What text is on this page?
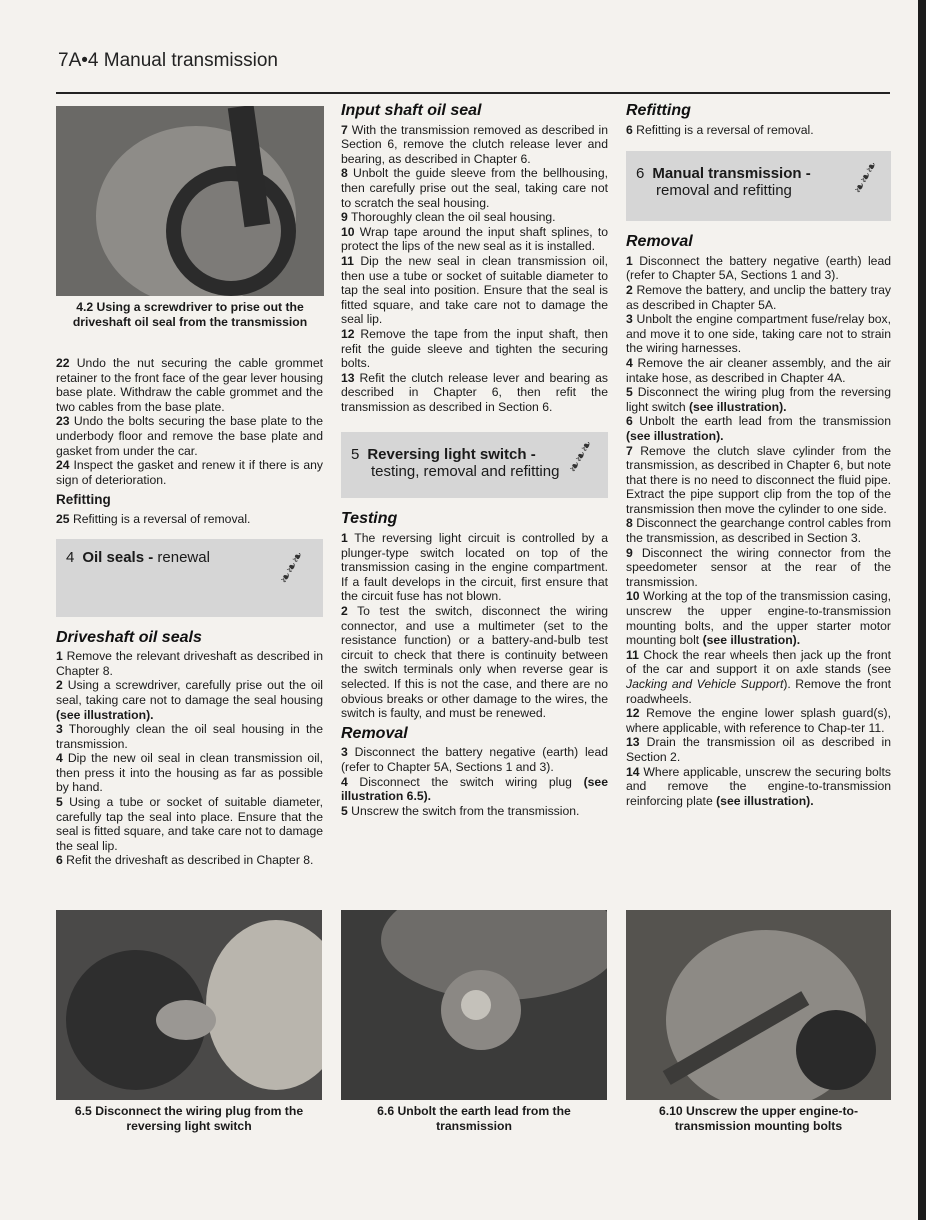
7A•4 Manual transmission
4.2 Using a screwdriver to prise out the driveshaft oil seal from the transmission

22 Undo the nut securing the cable grommet retainer to the front face of the gear lever housing base plate. Withdraw the cable grommet and the two cables from the base plate.

23 Undo the bolts securing the base plate to the underbody floor and remove the base plate and gasket from under the car.

24 Inspect the gasket and renew it if there is any sign of deterioration.

Refitting

25 Refitting is a reversal of removal.

4 Oil seals - renewal	❧❧❧
Driveshaft oil seals

1 Remove the relevant driveshaft as described in Chapter 8.

2 Using a screwdriver, carefully prise out the oil seal, taking care not to damage the seal housing (see illustration).

3 Thoroughly clean the oil seal housing in the transmission.

4 Dip the new oil seal in clean transmission oil, then press it into the housing as far as possible by hand.

5 Using a tube or socket of suitable diameter, carefully tap the seal into place. Ensure that the seal is fitted square, and take care not to damage the seal lip.

6 Refit the driveshaft as described in Chapter 8.

Input shaft oil seal

7 With the transmission removed as described in Section 6, remove the clutch release lever and bearing, as described in Chapter 6.

8 Unbolt the guide sleeve from the bellhousing, then carefully prise out the seal, taking care not to scratch the seal housing.

9 Thoroughly clean the oil seal housing.

10 Wrap tape around the input shaft splines, to protect the lips of the new seal as it is installed.

11 Dip the new seal in clean transmission oil, then use a tube or socket of suitable diameter to tap the seal into position. Ensure that the seal is fitted square, and take care not to damage the seal lip.

12 Remove the tape from the input shaft, then refit the guide sleeve and tighten the securing bolts.

13 Refit the clutch release lever and bearing as described in Chapter 6, then refit the transmission as described in Section 6.

5 Reversing light switch -
testing, removal and refitting ❧❧❧
Testing

1 The reversing light circuit is controlled by a plunger-type switch located on top of the transmission casing in the engine compartment. If a fault develops in the circuit, first ensure that the circuit fuse has not blown.

2 To test the switch, disconnect the wiring connector, and use a multimeter (set to the resistance function) or a battery-and-bulb test circuit to check that there is continuity between the switch terminals only when reverse gear is selected. If this is not the case, and there are no obvious breaks or other damage to the wires, the switch is faulty, and must be renewed.

Removal

3 Disconnect the battery negative (earth) lead (refer to Chapter 5A, Sections 1 and 3).

4 Disconnect the switch wiring plug (see illustration 6.5).

5 Unscrew the switch from the transmission.

Refitting

6 Refitting is a reversal of removal.

6 Manual transmission -
removal and refitting	❧❧❧
Removal

1 Disconnect the battery negative (earth) lead (refer to Chapter 5A, Sections 1 and 3).

2 Remove the battery, and unclip the battery tray as described in Chapter 5A.

3 Unbolt the engine compartment fuse/relay box, and move it to one side, taking care not to strain the wiring harnesses.

4 Remove the air cleaner assembly, and the air intake hose, as described in Chapter 4A.

5 Disconnect the wiring plug from the reversing light switch (see illustration).

6 Unbolt the earth lead from the transmission (see illustration).

7 Remove the clutch slave cylinder from the transmission, as described in Chapter 6, but note that there is no need to disconnect the fluid pipe. Extract the pipe support clip from the top of the transmission then move the cylinder to one side.

8 Disconnect the gearchange control cables from the transmission, as described in Section 3.

9 Disconnect the wiring connector from the speedometer sensor at the rear of the transmission.

10 Working at the top of the transmission casing, unscrew the upper engine-to-transmission mounting bolts, and the upper starter motor mounting bolt (see illustration).

11 Chock the rear wheels then jack up the front of the car and support it on axle stands (see Jacking and Vehicle Support). Remove the front roadwheels.

12 Remove the engine lower splash guard(s), where applicable, with reference to Chap-ter 11.

13 Drain the transmission oil as described in Section 2.

14 Where applicable, unscrew the securing bolts and remove the engine-to-transmission reinforcing plate (see illustration).

6.5 Disconnect the wiring plug from the reversing light switch
6.6 Unbolt the earth lead from the transmission
6.10 Unscrew the upper engine-to-transmission mounting bolts
